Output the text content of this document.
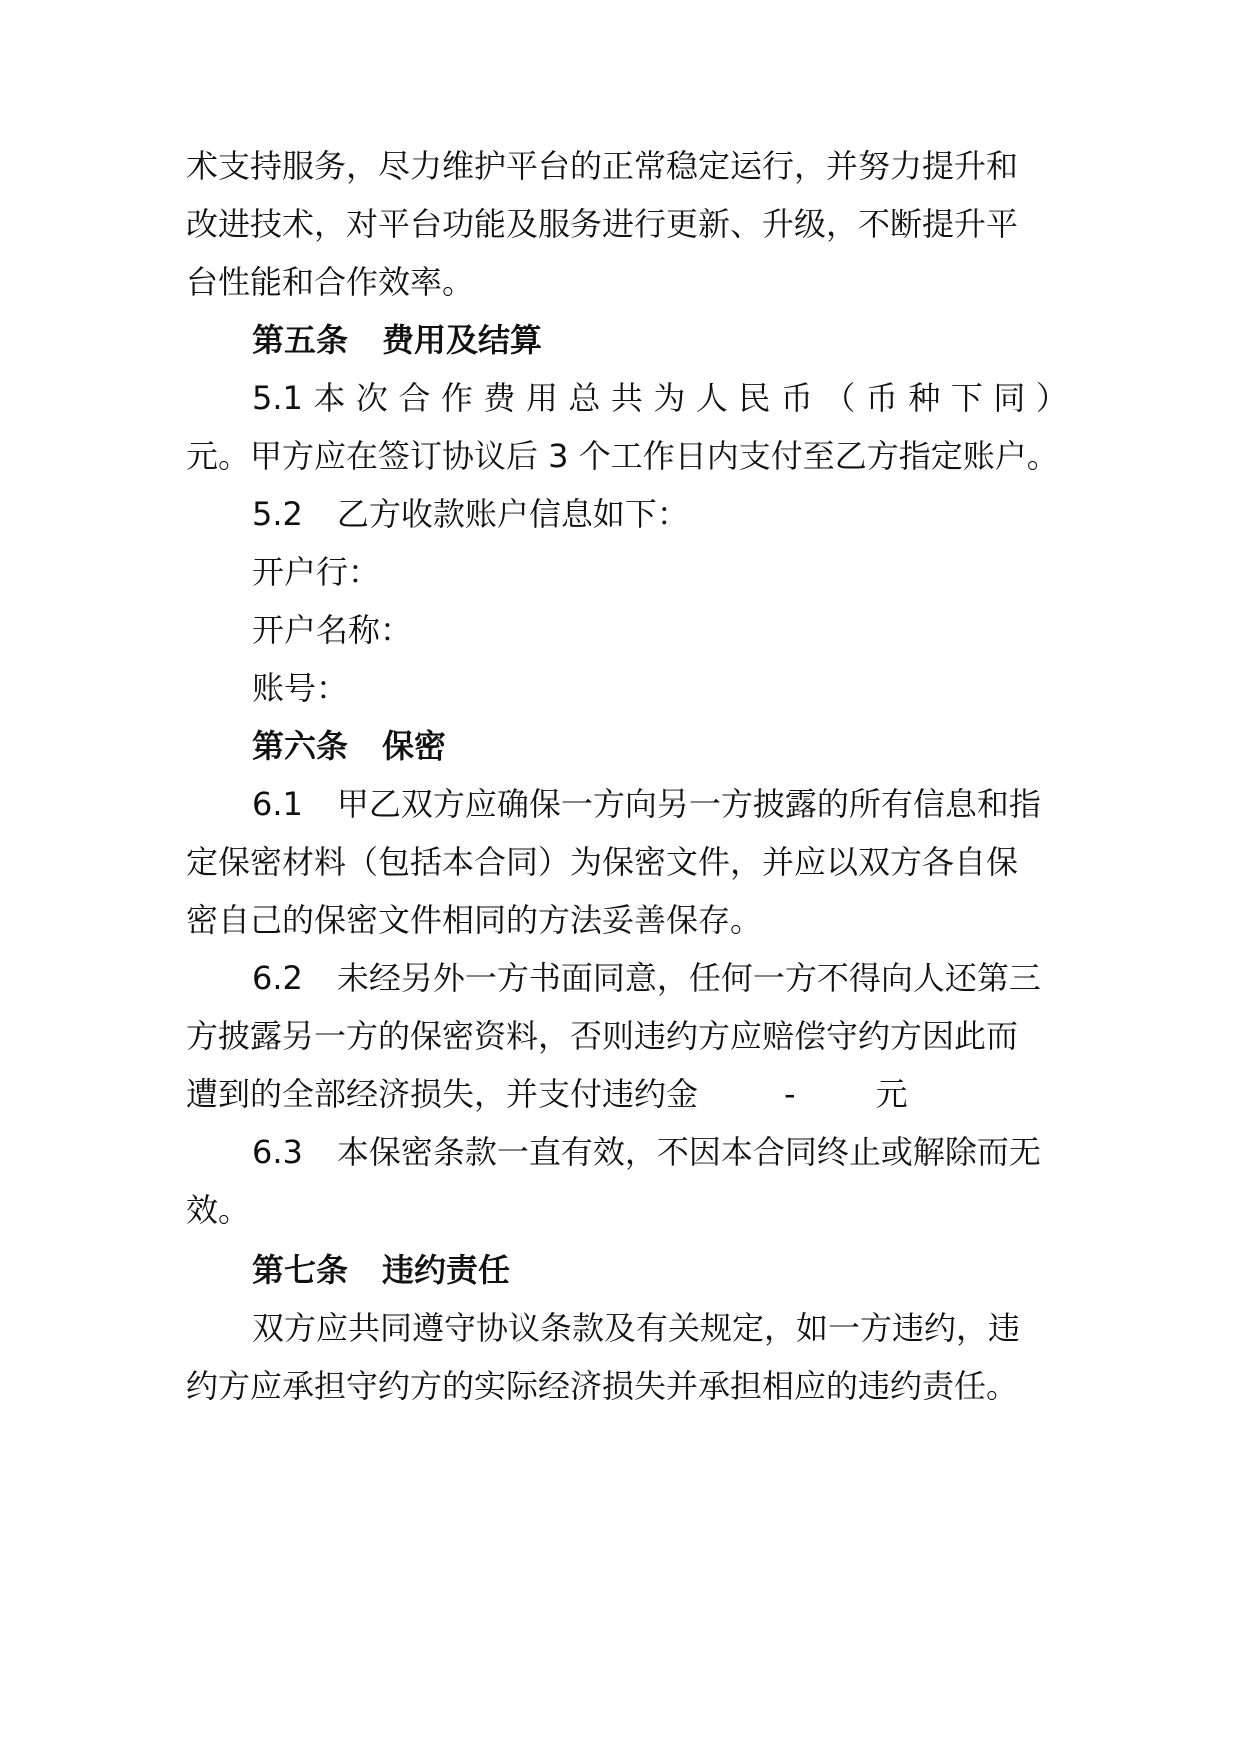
术支持服务，尽力维护平台的正常稳定运行，并努力提升和

改进技术，对平台功能及服务进行更新、升级，不断提升平

台性能和合作效率。

第五条 费用及结算

5.1 本 次 合 作 费 用 总 共 为 人 民 币 （ 币 种 下 同 ）

元。甲方应在签订协议后 3 个工作日内支付至乙方指定账户。

5.2 乙方收款账户信息如下：

开户行：

开户名称：

账号：

第六条 保密

6.1 甲乙双方应确保一方向另一方披露的所有信息和指

定保密材料（包括本合同）为保密文件，并应以双方各自保

密自己的保密文件相同的方法妥善保存。

6.2 未经另外一方书面同意，任何一方不得向人还第三

方披露另一方的保密资料，否则违约方应赔偿守约方因此而

遭到的全部经济损失，并支付违约金	-	元

6.3 本保密条款一直有效，不因本合同终止或解除而无

效。

第七条 违约责任

双方应共同遵守协议条款及有关规定，如一方违约，违

约方应承担守约方的实际经济损失并承担相应的违约责任。
